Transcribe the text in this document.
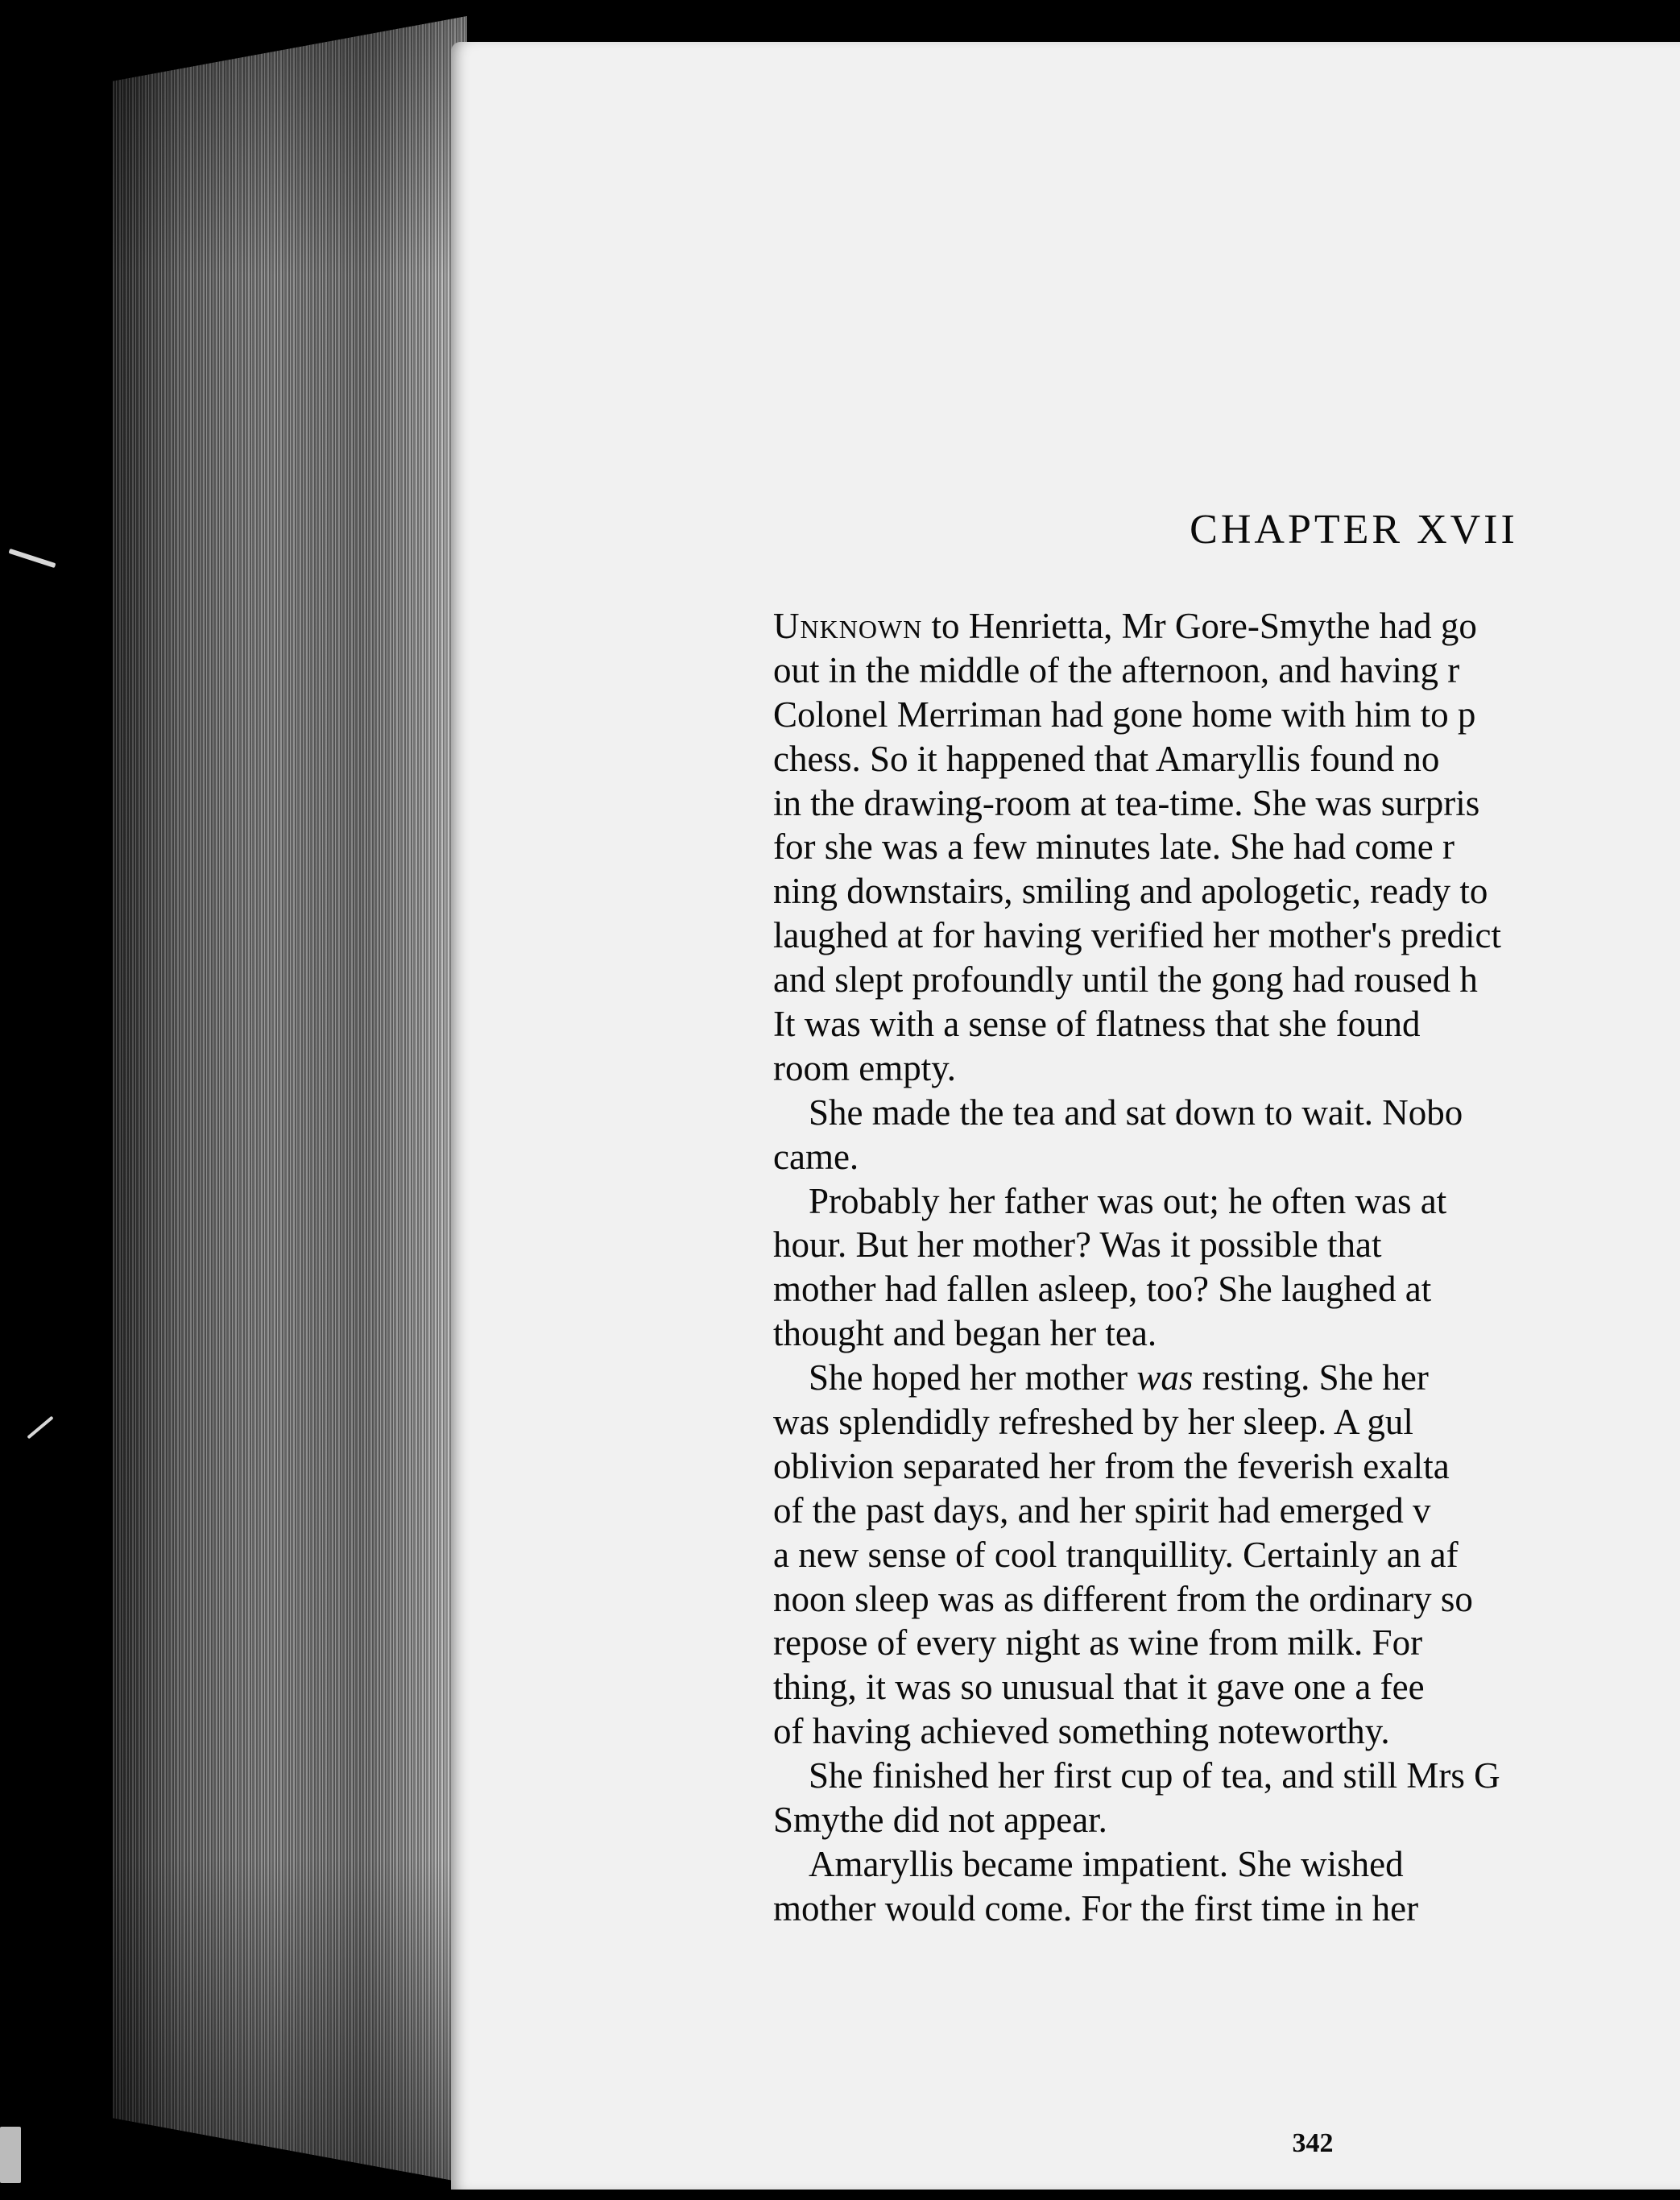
CHAPTER XVII
Unknown to Henrietta, Mr Gore-Smythe had go
out in the middle of the afternoon, and having r
Colonel Merriman had gone home with him to p
chess. So it happened that Amaryllis found no
in the drawing-room at tea-time. She was surpris
for she was a few minutes late. She had come r
ning downstairs, smiling and apologetic, ready to
laughed at for having verified her mother's predict
and slept profoundly until the gong had roused h
It was with a sense of flatness that she found
room empty.
She made the tea and sat down to wait. Nobo
came.
Probably her father was out; he often was at
hour. But her mother? Was it possible that
mother had fallen asleep, too? She laughed at
thought and began her tea.
She hoped her mother was resting. She her
was splendidly refreshed by her sleep. A gul
oblivion separated her from the feverish exalta
of the past days, and her spirit had emerged v
a new sense of cool tranquillity. Certainly an af
noon sleep was as different from the ordinary so
repose of every night as wine from milk. For
thing, it was so unusual that it gave one a fee
of having achieved something noteworthy.
She finished her first cup of tea, and still Mrs G
Smythe did not appear.
Amaryllis became impatient. She wished
mother would come. For the first time in her
342
